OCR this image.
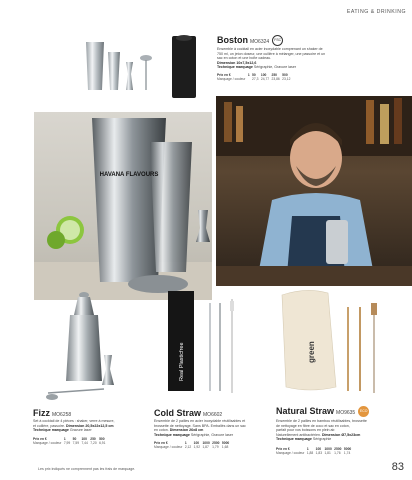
EATING & DRINKING
Boston MO6324 FSC
Ensemble à cocktail en acier inoxydable comprenant un shaker de
750 ml, un jeton doseur, une cuillère à mélanger, une passoire et un
sac en coton et une boîte cadeau.
Dimension 10x7,5x12,6
Technique marquage Sérigraphie, Gravure laser
Prix en €	1	50	100	250	500
Marquage / couleur		27,3	24,77	23,86	23,12
HAVANA FLAVOURS
Real Plasticfree	green
Fizz MO6258
Set à cocktail de 4 pièces : shaker, verre à mesure,
et cuillère, passoire. Dimension 20,5x22x12,5 cm
Technique marquage Gravure laser
Prix en €	1	50	100	250	500
Marquage / couleur	7,99	7,59	7,44	7,20	6,91
Cold Straw MO6602
Ensemble de 2 pailles en acier inoxydable réutilisables et
brossette de nettoyage. Sans BPA. Emballés dans un sac
en coton. Dimension 26x8 cm
Technique marquage Sérigraphie, Gravure laser
Prix en €	1	100	1000	2500	5000
Marquage / couleur	2,12	1,92	1,87	1,79	1,68
Natural Straw MO9635 ECO
Ensemble de 2 pailles en bambou réutilisables, brossette
de nettoyage en fibre de coco et sac en coton,
parfait pour vos boissons en plein air.
Naturellement antibactérien. Dimension Ø7,5x23cm
Technique marquage Sérigraphie
Prix en €	1	100	1000	2500	5000
Marquage / couleur	1,88	1,83	1,81	1,76	1,74
Les prix indiqués ne comprennent pas les frais de marquage.	83
